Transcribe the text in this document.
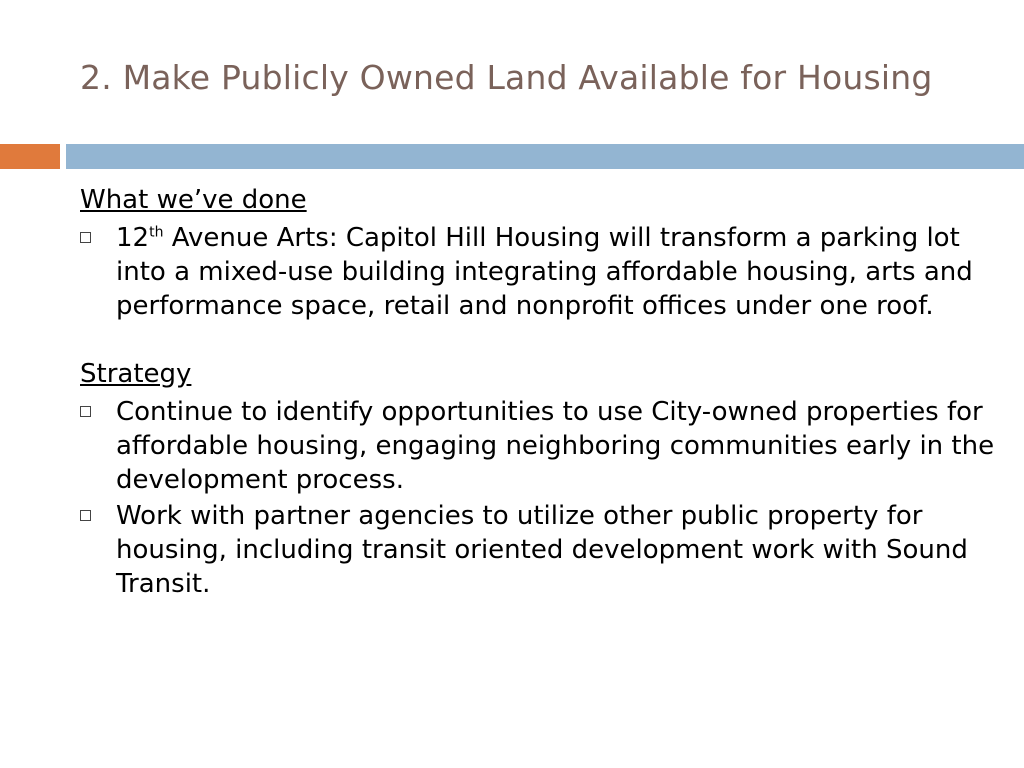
2. Make Publicly Owned Land Available for Housing

What we’ve done

12th Avenue Arts: Capitol Hill Housing will transform a parking lot into a mixed-use building integrating affordable housing, arts and performance space, retail and nonprofit offices under one roof.

Strategy

Continue to identify opportunities to use City-owned properties for affordable housing, engaging neighboring communities early in the development process.
Work with partner agencies to utilize other public property for housing, including transit oriented development work with Sound Transit.
